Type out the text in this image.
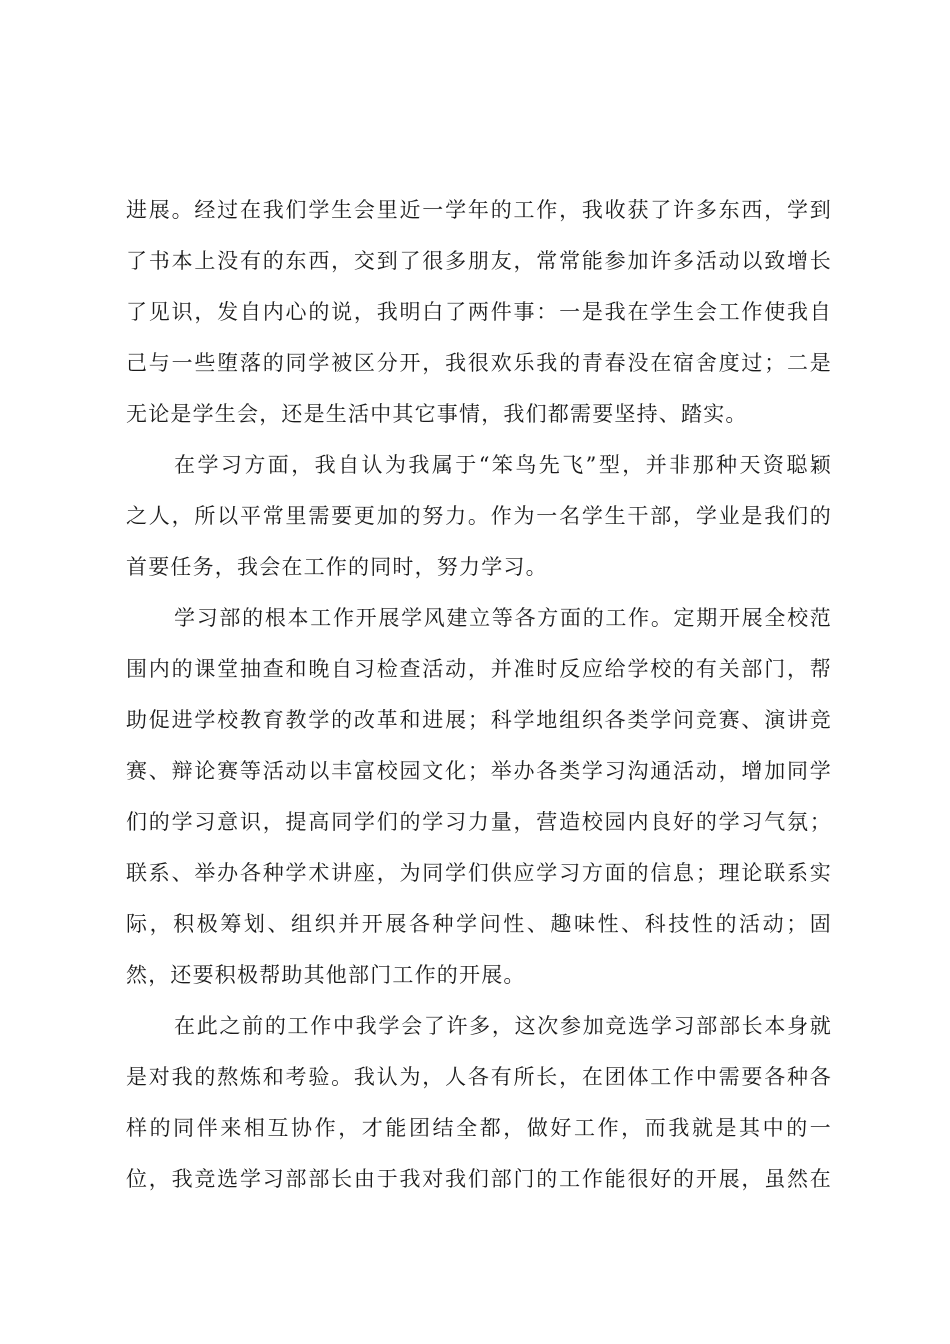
进展。经过在我们学生会里近一学年的工作，我收获了许多东西，学到
了书本上没有的东西，交到了很多朋友，常常能参加许多活动以致增长
了见识，发自内心的说，我明白了两件事：一是我在学生会工作使我自
己与一些堕落的同学被区分开，我很欢乐我的青春没在宿舍度过；二是
无论是学生会，还是生活中其它事情，我们都需要坚持、踏实。

在学习方面，我自认为我属于“笨鸟先飞”型，并非那种天资聪颖
之人，所以平常里需要更加的努力。作为一名学生干部，学业是我们的
首要任务，我会在工作的同时，努力学习。

学习部的根本工作开展学风建立等各方面的工作。定期开展全校范
围内的课堂抽查和晚自习检查活动，并准时反应给学校的有关部门，帮
助促进学校教育教学的改革和进展；科学地组织各类学问竞赛、演讲竞
赛、辩论赛等活动以丰富校园文化；举办各类学习沟通活动，增加同学
们的学习意识，提高同学们的学习力量，营造校园内良好的学习气氛；
联系、举办各种学术讲座，为同学们供应学习方面的信息；理论联系实
际，积极筹划、组织并开展各种学问性、趣味性、科技性的活动；固
然，还要积极帮助其他部门工作的开展。

在此之前的工作中我学会了许多，这次参加竞选学习部部长本身就
是对我的熬炼和考验。我认为，人各有所长，在团体工作中需要各种各
样的同伴来相互协作，才能团结全都，做好工作，而我就是其中的一
位，我竞选学习部部长由于我对我们部门的工作能很好的开展，虽然在
